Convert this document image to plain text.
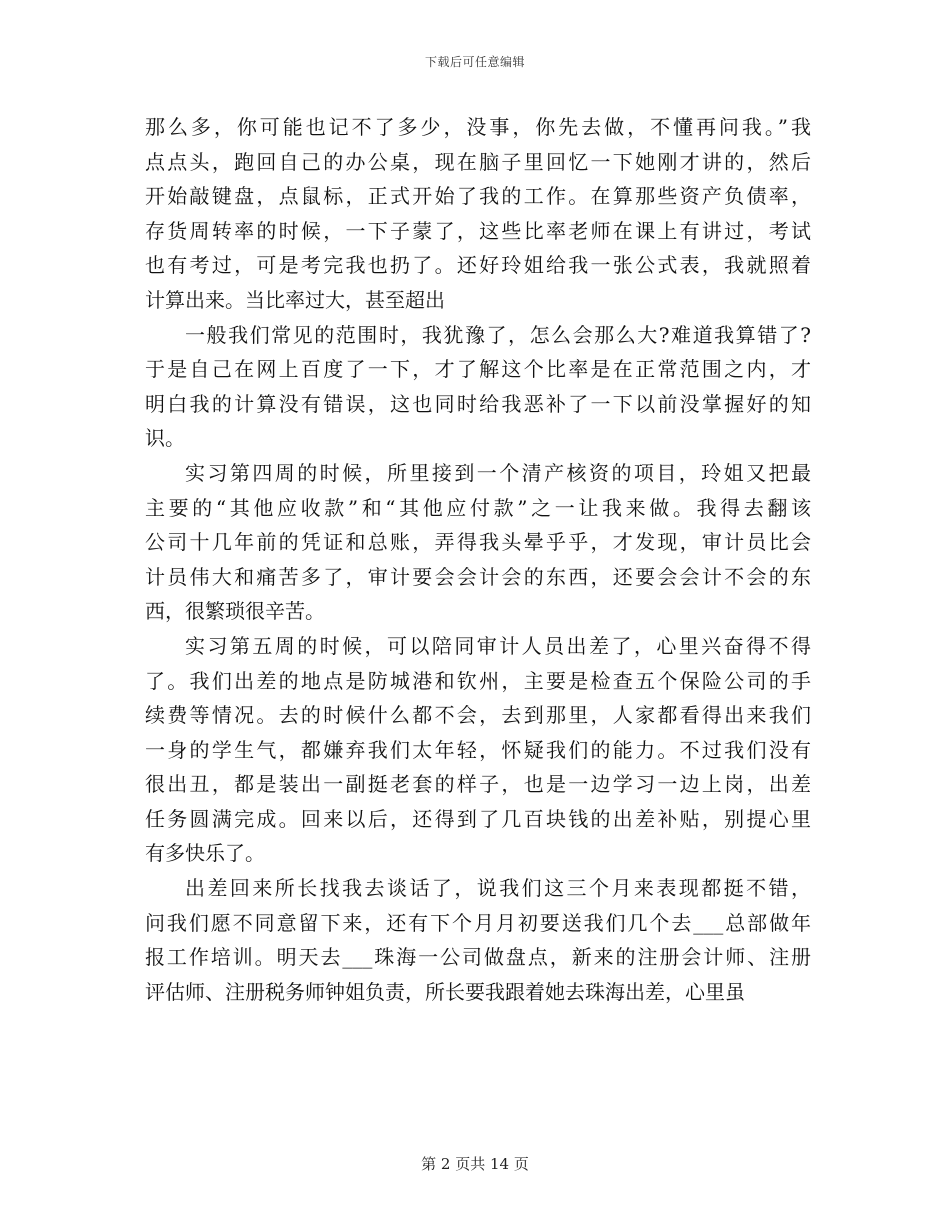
下载后可任意编辑
那么多，你可能也记不了多少，没事，你先去做，不懂再问我。”我
点点头，跑回自己的办公桌，现在脑子里回忆一下她刚才讲的，然后
开始敲键盘，点鼠标，正式开始了我的工作。在算那些资产负债率，
存货周转率的时候，一下子蒙了，这些比率老师在课上有讲过，考试
也有考过，可是考完我也扔了。还好玲姐给我一张公式表，我就照着
计算出来。当比率过大，甚至超出
一般我们常见的范围时，我犹豫了，怎么会那么大?难道我算错了?
于是自己在网上百度了一下，才了解这个比率是在正常范围之内，才
明白我的计算没有错误，这也同时给我恶补了一下以前没掌握好的知
识。
实习第四周的时候，所里接到一个清产核资的项目，玲姐又把最
主要的“其他应收款”和“其他应付款”之一让我来做。我得去翻该
公司十几年前的凭证和总账，弄得我头晕乎乎，才发现，审计员比会
计员伟大和痛苦多了，审计要会会计会的东西，还要会会计不会的东
西，很繁琐很辛苦。
实习第五周的时候，可以陪同审计人员出差了，心里兴奋得不得
了。我们出差的地点是防城港和钦州，主要是检查五个保险公司的手
续费等情况。去的时候什么都不会，去到那里，人家都看得出来我们
一身的学生气，都嫌弃我们太年轻，怀疑我们的能力。不过我们没有
很出丑，都是装出一副挺老套的样子，也是一边学习一边上岗，出差
任务圆满完成。回来以后，还得到了几百块钱的出差补贴，别提心里
有多快乐了。
出差回来所长找我去谈话了，说我们这三个月来表现都挺不错，
问我们愿不同意留下来，还有下个月月初要送我们几个去___总部做年
报工作培训。明天去___珠海一公司做盘点，新来的注册会计师、注册
评估师、注册税务师钟姐负责，所长要我跟着她去珠海出差，心里虽
第 2 页共 14 页
